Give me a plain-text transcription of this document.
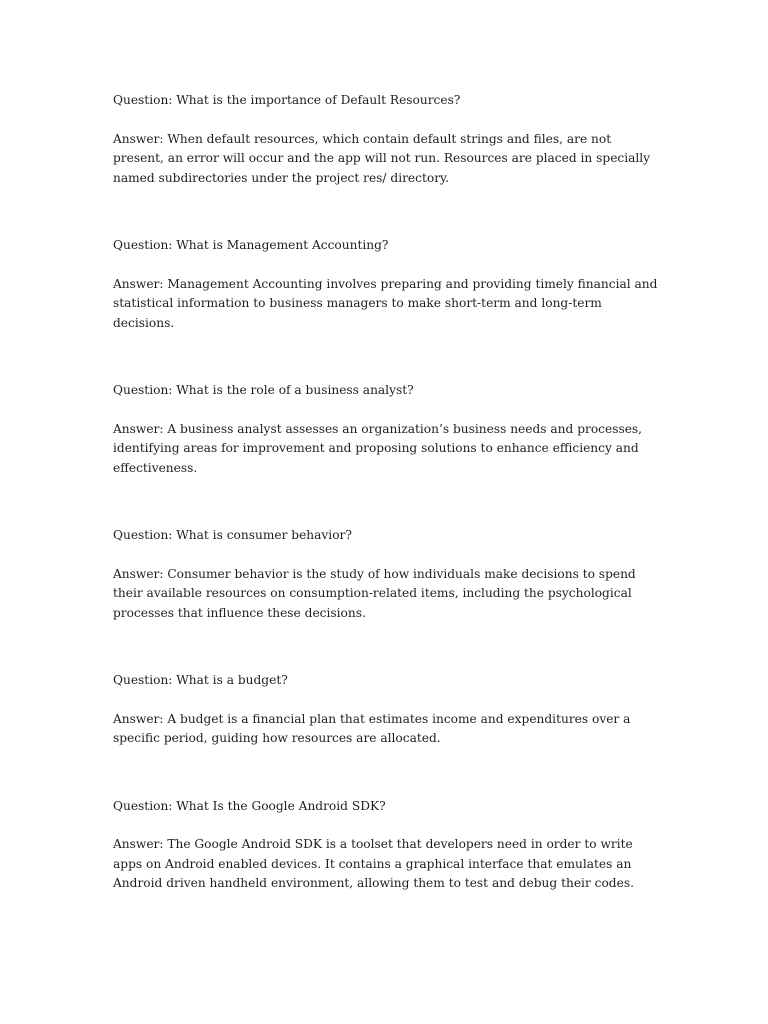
Question: What is the importance of Default Resources?

Answer: When default resources, which contain default strings and files, are not present, an error will occur and the app will not run. Resources are placed in specially named subdirectories under the project res/ directory.

Question: What is Management Accounting?

Answer: Management Accounting involves preparing and providing timely financial and statistical information to business managers to make short-term and long-term decisions.

Question: What is the role of a business analyst?

Answer: A business analyst assesses an organization’s business needs and processes, identifying areas for improvement and proposing solutions to enhance efficiency and effectiveness.

Question: What is consumer behavior?

Answer: Consumer behavior is the study of how individuals make decisions to spend their available resources on consumption-related items, including the psychological processes that influence these decisions.

Question: What is a budget?

Answer: A budget is a financial plan that estimates income and expenditures over a specific period, guiding how resources are allocated.

Question: What Is the Google Android SDK?

Answer: The Google Android SDK is a toolset that developers need in order to write apps on Android enabled devices. It contains a graphical interface that emulates an Android driven handheld environment, allowing them to test and debug their codes.
